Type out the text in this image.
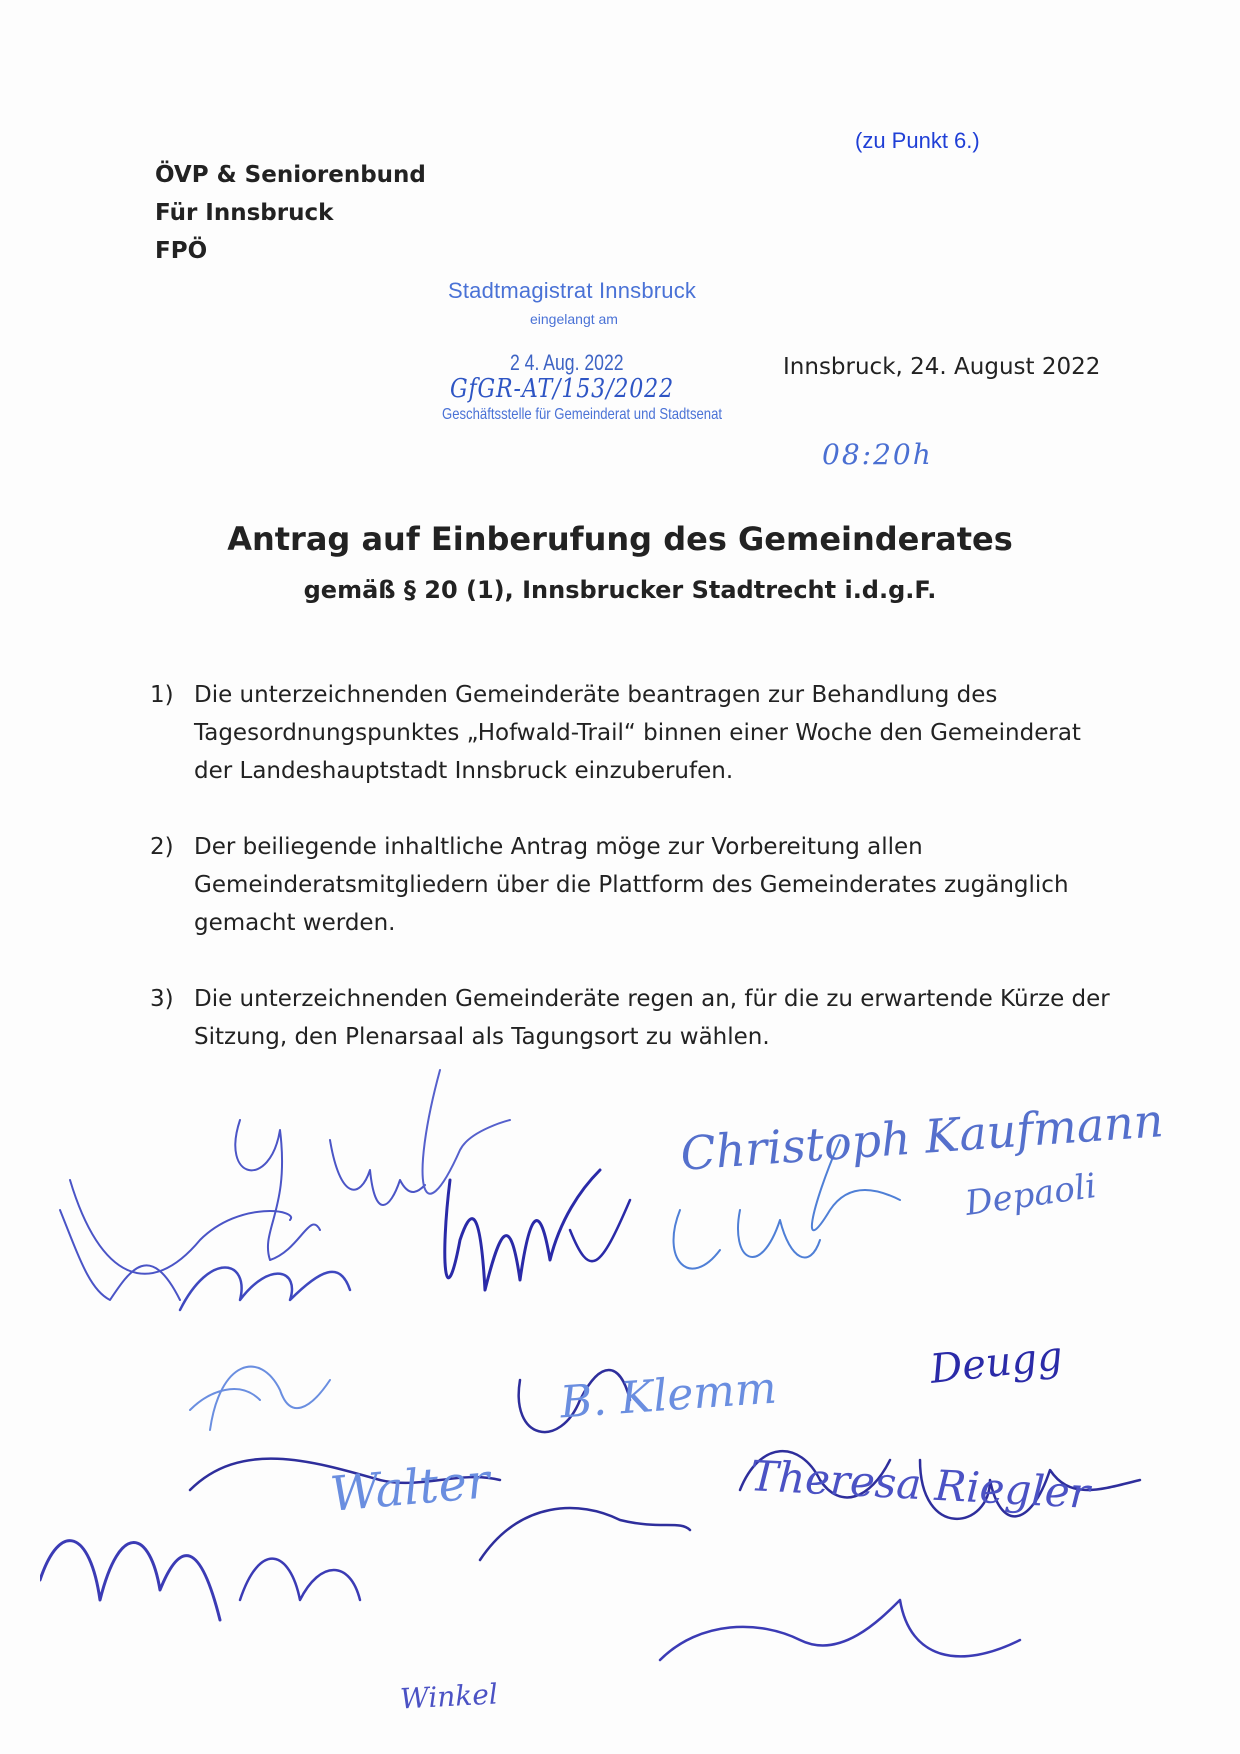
(zu Punkt 6.)
ÖVP & Seniorenbund
Für Innsbruck
FPÖ
Stadtmagistrat Innsbruck
eingelangt am
2 4. Aug. 2022
GfGR-AT/153/2022
Geschäftsstelle für Gemeinderat und Stadtsenat
Innsbruck, 24. August 2022
08:20h
Antrag auf Einberufung des Gemeinderates
gemäß § 20 (1), Innsbrucker Stadtrecht i.d.g.F.
1) Die unterzeichnenden Gemeinderäte beantragen zur Behandlung des Tagesordnungspunktes „Hofwald-Trail“ binnen einer Woche den Gemeinderat der Landeshauptstadt Innsbruck einzuberufen.
2) Der beiliegende inhaltliche Antrag möge zur Vorbereitung allen Gemeinderatsmitgliedern über die Plattform des Gemeinderates zugänglich gemacht werden.
3) Die unterzeichnenden Gemeinderäte regen an, für die zu erwartende Kürze der Sitzung, den Plenarsaal als Tagungsort zu wählen.
Christoph Kaufmann
Depaoli
Deugg
B. Klemm
Theresa Riegler
Walter
Winkel
